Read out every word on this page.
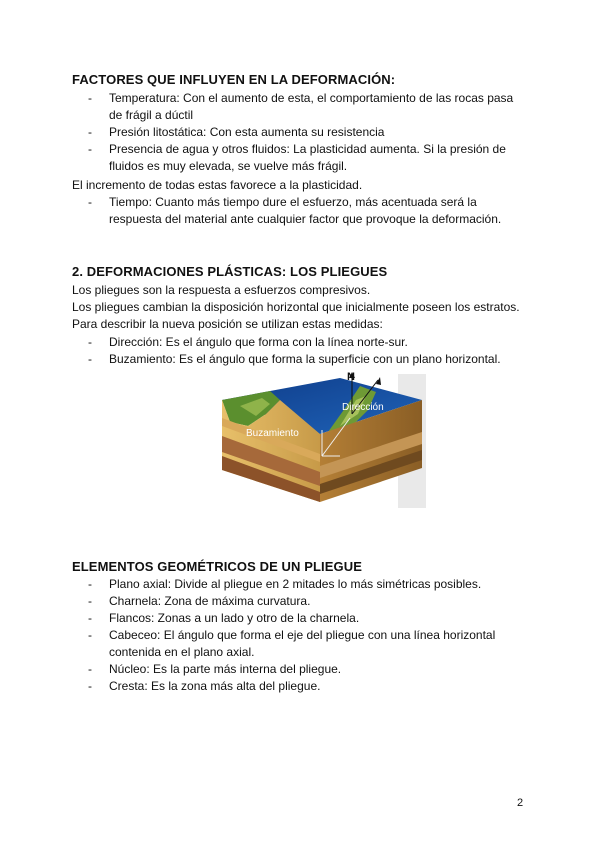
FACTORES QUE INFLUYEN EN LA DEFORMACIÓN:
- Temperatura: Con el aumento de esta, el comportamiento de las rocas pasa de frágil a dúctil
- Presión litostática: Con esta aumenta su resistencia
- Presencia de agua y otros fluidos: La plasticidad aumenta. Si la presión de fluidos es muy elevada, se vuelve más frágil.
El incremento de todas estas favorece a la plasticidad.
- Tiempo: Cuanto más tiempo dure el esfuerzo, más acentuada será la respuesta del material ante cualquier factor que provoque la deformación.
2. DEFORMACIONES PLÁSTICAS: LOS PLIEGUES
Los pliegues son la respuesta a esfuerzos compresivos.
Los pliegues cambian la disposición horizontal que inicialmente poseen los estratos. Para describir la nueva posición se utilizan estas medidas:
- Dirección: Es el ángulo que forma con la línea norte-sur.
- Buzamiento: Es el ángulo que forma la superficie con un plano horizontal.
N
Dirección
Buzamiento
ELEMENTOS GEOMÉTRICOS DE UN PLIEGUE
- Plano axial: Divide al pliegue en 2 mitades lo más simétricas posibles.
- Charnela: Zona de máxima curvatura.
- Flancos: Zonas a un lado y otro de la charnela.
- Cabeceo: El ángulo que forma el eje del pliegue con una línea horizontal contenida en el plano axial.
- Núcleo: Es la parte más interna del pliegue.
- Cresta: Es la zona más alta del pliegue.
2
